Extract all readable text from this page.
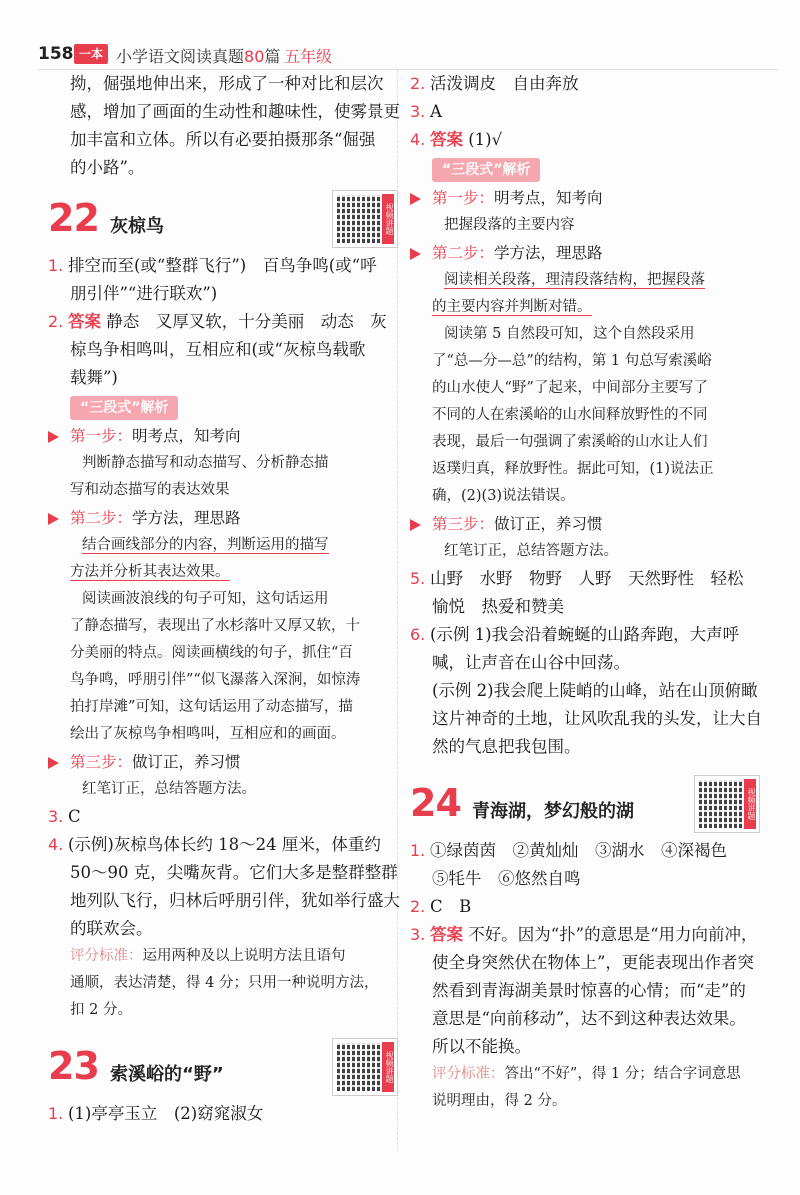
158 一本 小学语文阅读真题80篇 五年级
拗，倔强地伸出来，形成了一种对比和层次
感，增加了画面的生动性和趣味性，使雾景更
加丰富和立体。所以有必要拍摄那条“倔强
的小路”。
22 灰椋鸟	视频讲题
1. 排空而至(或“整群飞行”)　百鸟争鸣(或“呼
朋引伴”“进行联欢”)
2. 答案 静态　叉厚叉软，十分美丽　动态　灰
椋鸟争相鸣叫，互相应和(或“灰椋鸟载歌
载舞”)
“三段式”解析
第一步：明考点，知考向
判断静态描写和动态描写、分析静态描
写和动态描写的表达效果
第二步：学方法，理思路
结合画线部分的内容，判断运用的描写
方法并分析其表达效果。
阅读画波浪线的句子可知，这句话运用
了静态描写，表现出了水杉落叶又厚又软，十
分美丽的特点。阅读画横线的句子，抓住“百
鸟争鸣，呼朋引伴”“似飞瀑落入深涧，如惊涛
拍打岸滩”可知，这句话运用了动态描写，描
绘出了灰椋鸟争相鸣叫，互相应和的画面。
第三步：做订正，养习惯
红笔订正，总结答题方法。
3. C
4. (示例)灰椋鸟体长约 18～24 厘米，体重约
50～90 克，尖嘴灰背。它们大多是整群整群
地列队飞行，归林后呼朋引伴，犹如举行盛大
的联欢会。
评分标准：运用两种及以上说明方法且语句
通顺，表达清楚，得 4 分；只用一种说明方法，
扣 2 分。
23 索溪峪的“野”	视频讲题
1. (1)亭亭玉立　(2)窈窕淑女
2. 活泼调皮　自由奔放
3. A
4. 答案 (1)√
“三段式”解析
第一步：明考点，知考向
把握段落的主要内容
第二步：学方法，理思路
阅读相关段落，理清段落结构，把握段落
的主要内容并判断对错。
阅读第 5 自然段可知，这个自然段采用
了“总—分—总”的结构，第 1 句总写索溪峪
的山水使人“野”了起来，中间部分主要写了
不同的人在索溪峪的山水间释放野性的不同
表现，最后一句强调了索溪峪的山水让人们
返璞归真，释放野性。据此可知，(1)说法正
确，(2)(3)说法错误。
第三步：做订正，养习惯
红笔订正，总结答题方法。
5. 山野　水野　物野　人野　天然野性　轻松
愉悦　热爱和赞美
6. (示例 1)我会沿着蜿蜒的山路奔跑，大声呼
喊，让声音在山谷中回荡。
(示例 2)我会爬上陡峭的山峰，站在山顶俯瞰
这片神奇的土地，让风吹乱我的头发，让大自
然的气息把我包围。
24 青海湖，梦幻般的湖	视频讲题
1. ①绿茵茵　②黄灿灿　③湖水　④深褐色
⑤牦牛　⑥悠然自鸣
2. C　B
3. 答案 不好。因为“扑”的意思是“用力向前冲，
使全身突然伏在物体上”，更能表现出作者突
然看到青海湖美景时惊喜的心情；而“走”的
意思是“向前移动”，达不到这种表达效果。
所以不能换。
评分标准：答出“不好”，得 1 分；结合字词意思
说明理由，得 2 分。
